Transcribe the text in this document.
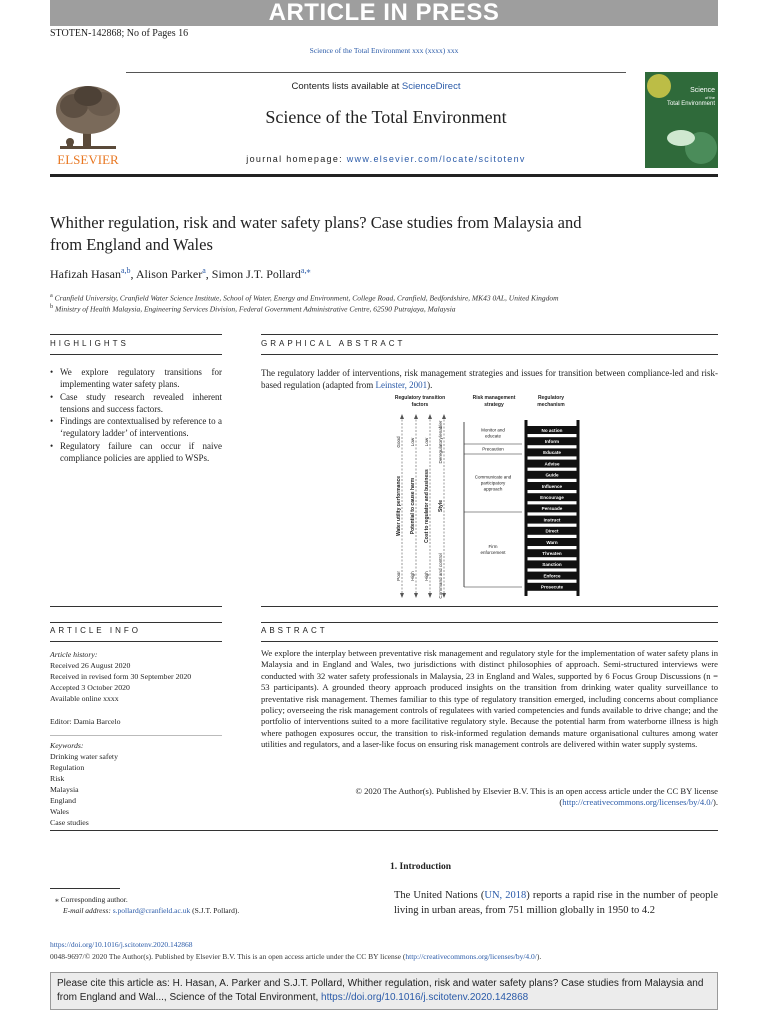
ARTICLE IN PRESS
STOTEN-142868; No of Pages 16
Science of the Total Environment xxx (xxxx) xxx
Contents lists available at ScienceDirect
Science of the Total Environment
journal homepage: www.elsevier.com/locate/scitotenv
ELSEVIER
Science
of the
Total Environment
Whither regulation, risk and water safety plans? Case studies from Malaysia and from England and Wales
Hafizah Hasan$^{a,b}$, Alison Parker$^a$, Simon J.T. Pollard$^{a,⁎}$
$^a$ Cranfield University, Cranfield Water Science Institute, School of Water, Energy and Environment, College Road, Cranfield, Bedfordshire, MK43 0AL, United Kingdom
$^b$ Ministry of Health Malaysia, Engineering Services Division, Federal Government Administrative Centre, 62590 Putrajaya, Malaysia
HIGHLIGHTS
• We explore regulatory transitions for implementing water safety plans.
• Case study research revealed inherent tensions and success factors.
• Findings are contextualised by reference to a ‘regulatory ladder’ of interventions.
• Regulatory failure can occur if naive compliance policies are applied to WSPs.
GRAPHICAL ABSTRACT
The regulatory ladder of interventions, risk management strategies and issues for transition between compliance-led and risk-based regulation (adapted from Leinster, 2001).
Regulatory transition
factors
Risk management
strategy
Regulatory
mechanism
Good
Water utility performance
Poor
Low
Potential to cause harm
High
Low
Cost to regulator and business
High
Deregulatory/enabler
Style
Command and control
Monitor and
educate
Precaution
Communicate and
participatory
approach
Firm
enforcement
No action
Inform
Educate
Advise
Guide
Influence
Encourage
Persuade
Instruct
Direct
Warn
Threaten
Sanction
Enforce
Prosecute
ARTICLE INFO
Article history:
Received 26 August 2020
Received in revised form 30 September 2020
Accepted 3 October 2020
Available online xxxx
Editor: Damia Barcelo
Keywords:
Drinking water safety
Regulation
Risk
Malaysia
England
Wales
Case studies
ABSTRACT
We explore the interplay between preventative risk management and regulatory style for the implementation of water safety plans in Malaysia and in England and Wales, two jurisdictions with distinct philosophies of approach. Semi-structured interviews were conducted with 32 water safety professionals in Malaysia, 23 in England and Wales, supported by 6 Focus Group Discussions (n = 53 participants). A grounded theory approach produced insights on the transition from drinking water quality surveillance to preventative risk management. Themes familiar to this type of regulatory transition emerged, including concerns about compliance policy; overseeing the risk management controls of regulatees with varied competencies and funds available to drive change; and the portfolio of interventions suited to a more facilitative regulatory style. Because the potential harm from waterborne illness is high where pathogen exposures occur, the transition to risk-informed regulation demands mature organisational cultures among water utilities and regulators, and a laser-like focus on ensuring risk management controls are delivered within water supply systems.
© 2020 The Author(s). Published by Elsevier B.V. This is an open access article under the CC BY license (http://creativecommons.org/licenses/by/4.0/).
1. Introduction
The United Nations (UN, 2018) reports a rapid rise in the number of people living in urban areas, from 751 million globally in 1950 to 4.2
⁎ Corresponding author.
E-mail address: s.pollard@cranfield.ac.uk (S.J.T. Pollard).
https://doi.org/10.1016/j.scitotenv.2020.142868
0048-9697/© 2020 The Author(s). Published by Elsevier B.V. This is an open access article under the CC BY license (http://creativecommons.org/licenses/by/4.0/).
Please cite this article as: H. Hasan, A. Parker and S.J.T. Pollard, Whither regulation, risk and water safety plans? Case studies from Malaysia and from England and Wal..., Science of the Total Environment, https://doi.org/10.1016/j.scitotenv.2020.142868
